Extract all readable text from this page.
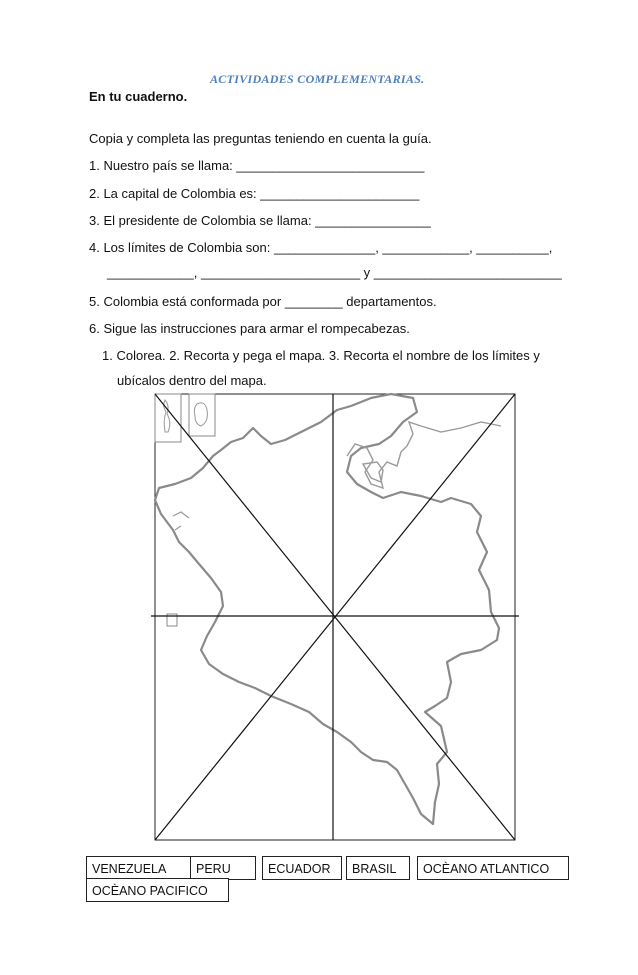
ACTIVIDADES COMPLEMENTARIAS.
En tu cuaderno.
Copia y completa las preguntas teniendo en cuenta la guía.
1. Nuestro país se llama: __________________________
2. La capital de Colombia es: ______________________
3. El presidente de Colombia se llama: ________________
4. Los límites de Colombia son: ______________, ____________, __________,
____________, ______________________ y __________________________
5. Colombia está conformada por ________ departamentos.
6. Sigue las instrucciones para armar el rompecabezas.
1. Colorea. 2. Recorta y pega el mapa. 3. Recorta el nombre de los límites y
ubícalos dentro del mapa.
VENEZUELA	PERU	ECUADOR	BRASIL	OCÈANO ATLANTICO
OCÈANO PACIFICO
